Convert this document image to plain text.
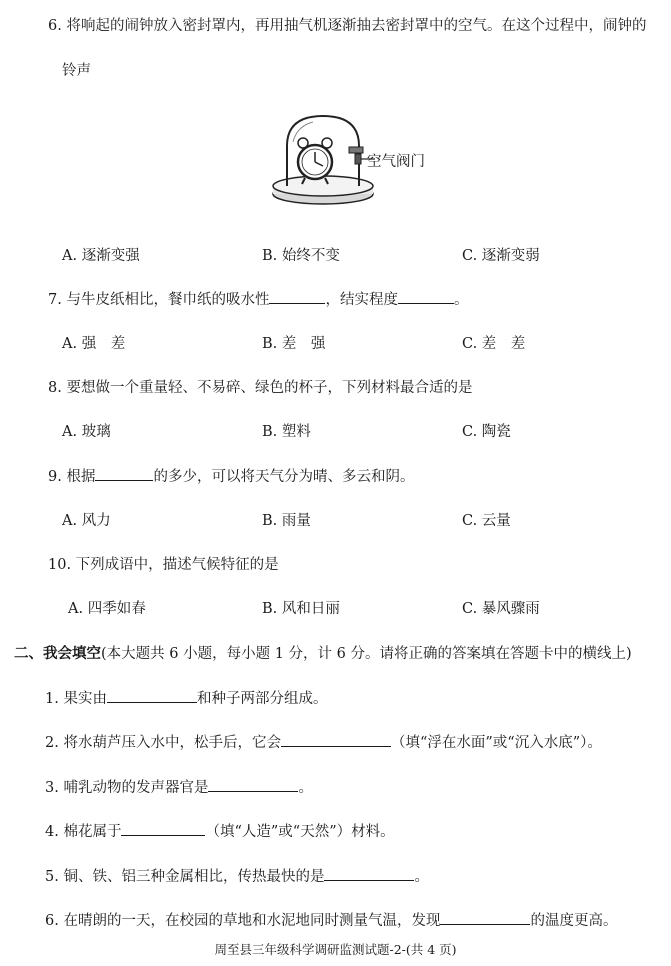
6. 将响起的闹钟放入密封罩内，再用抽气机逐渐抽去密封罩中的空气。在这个过程中，闹钟的
铃声
空气阀门
A. 逐渐变强	B. 始终不变	C. 逐渐变弱
7. 与牛皮纸相比，餐巾纸的吸水性	，结实程度	。
A. 强　差	B. 差　强	C. 差　差
8. 要想做一个重量轻、不易碎、绿色的杯子，下列材料最合适的是
A. 玻璃	B. 塑料	C. 陶瓷
9. 根据	的多少，可以将天气分为晴、多云和阴。
A. 风力	B. 雨量	C. 云量
10. 下列成语中，描述气候特征的是
A. 四季如春	B. 风和日丽	C. 暴风骤雨
二、我会填空(本大题共 6 小题，每小题 1 分，计 6 分。请将正确的答案填在答题卡中的横线上)
1. 果实由	和种子两部分组成。
2. 将水葫芦压入水中，松手后，它会	（填“浮在水面”或“沉入水底”）。
3. 哺乳动物的发声器官是	。
4. 棉花属于	（填“人造”或“天然”）材料。
5. 铜、铁、铝三种金属相比，传热最快的是	。
6. 在晴朗的一天，在校园的草地和水泥地同时测量气温，发现	的温度更高。
周至县三年级科学调研监测试题-2-(共 4 页)
